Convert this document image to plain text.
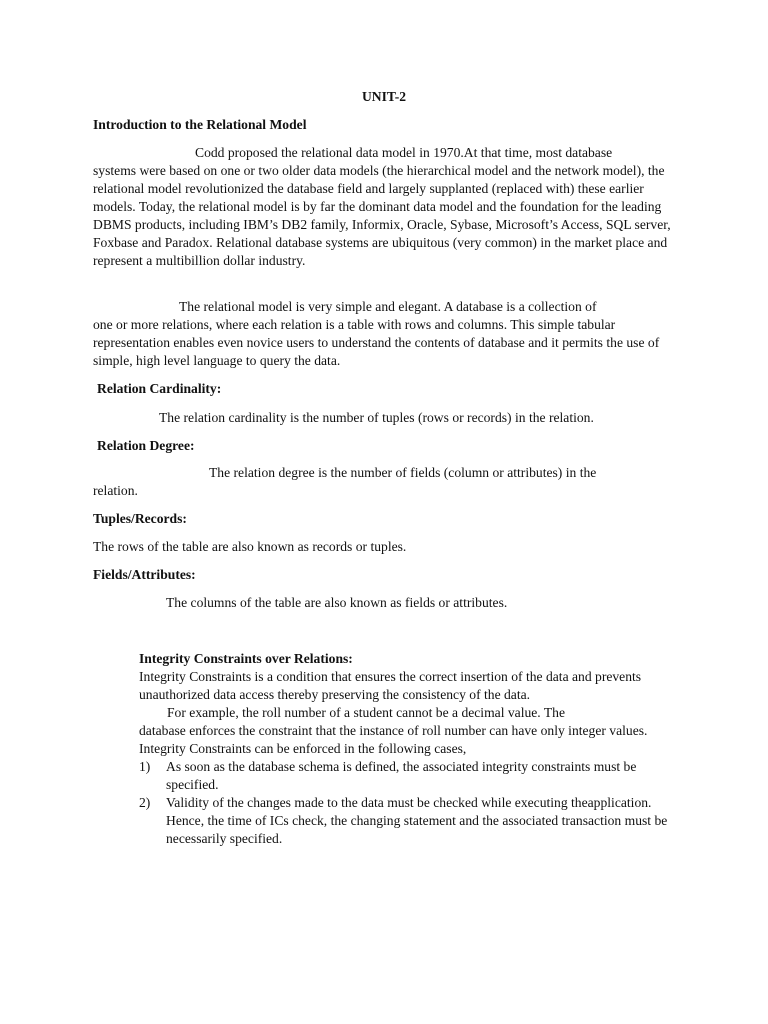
UNIT-2
Introduction to the Relational Model

Codd proposed the relational data model in 1970.At that time, most database

systems were based on one or two older data models (the hierarchical model and the network model), the relational model revolutionized the database field and largely supplanted (replaced with) these earlier models. Today, the relational model is by far the dominant data model and the foundation for the leading DBMS products, including IBM’s DB2 family, Informix, Oracle, Sybase, Microsoft’s Access, SQL server, Foxbase and Paradox. Relational database systems are ubiquitous (very common) in the market place and represent a multibillion dollar industry.

The relational model is very simple and elegant. A database is a collection of

one or more relations, where each relation is a table with rows and columns. This simple tabular representation enables even novice users to understand the contents of database and it permits the use of simple, high level language to query the data.

Relation Cardinality:

The relation cardinality is the number of tuples (rows or records) in the relation.

Relation Degree:

The relation degree is the number of fields (column or attributes) in the

relation.

Tuples/Records:
The rows of the table are also known as records or tuples.
Fields/Attributes:

The columns of the table are also known as fields or attributes.

Integrity Constraints over Relations:

Integrity Constraints is a condition that ensures the correct insertion of the data and prevents unauthorized data access thereby preserving the consistency of the data.

For example, the roll number of a student cannot be a decimal value. The

database enforces the constraint that the instance of roll number can have only integer values.

Integrity Constraints can be enforced in the following cases,

1)	As soon as the database schema is defined, the associated integrity constraints must be specified.
2)	Validity of the changes made to the data must be checked while executing theapplication. Hence, the time of ICs check, the changing statement and the associated transaction must be necessarily specified.
